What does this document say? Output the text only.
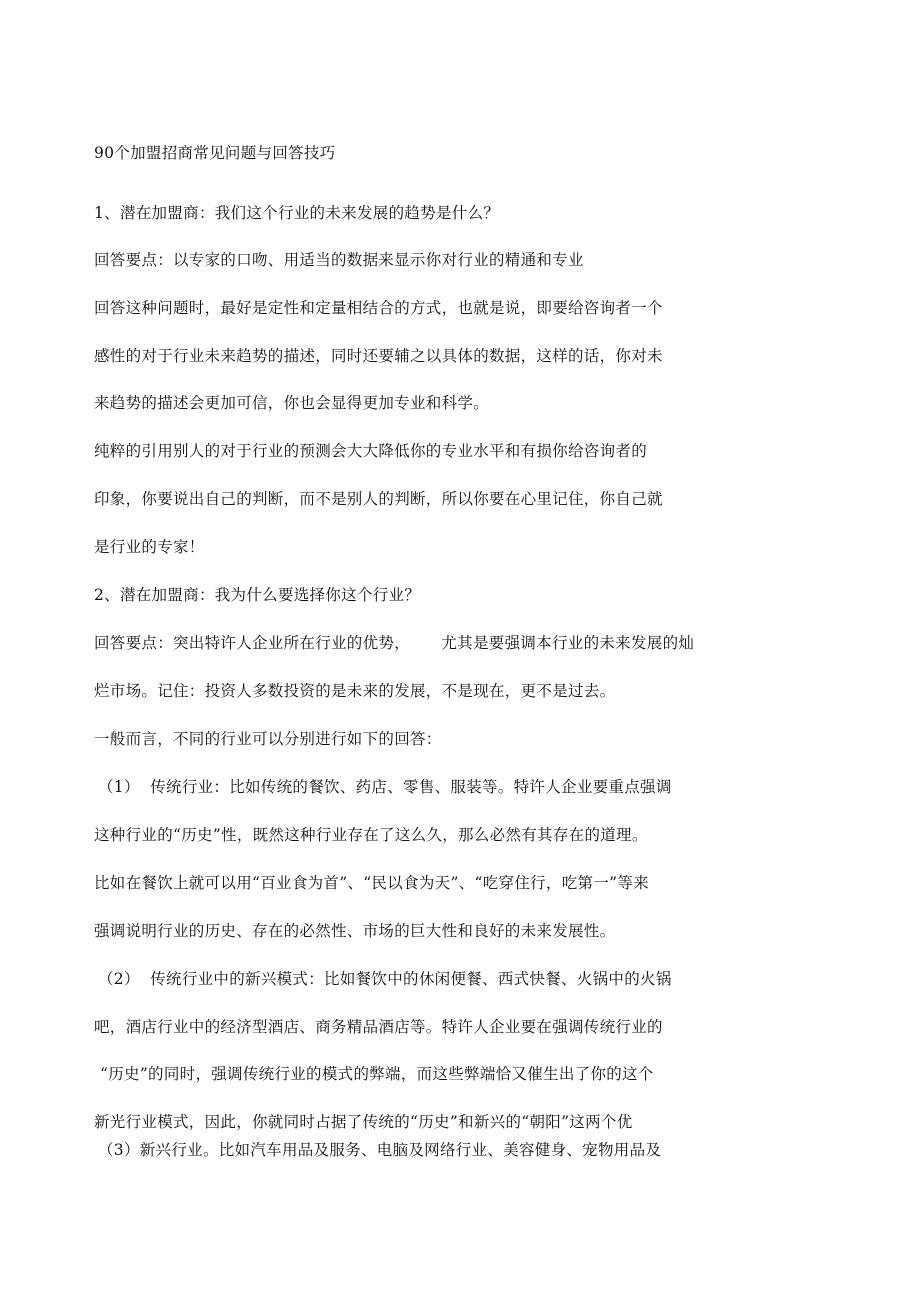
90个加盟招商常见问题与回答技巧
1、潜在加盟商：我们这个行业的未来发展的趋势是什么？
回答要点：以专家的口吻、用适当的数据来显示你对行业的精通和专业
回答这种问题时，最好是定性和定量相结合的方式，也就是说，即要给咨询者一个
感性的对于行业未来趋势的描述，同时还要辅之以具体的数据，这样的话，你对未
来趋势的描述会更加可信，你也会显得更加专业和科学。
纯粹的引用别人的对于行业的预测会大大降低你的专业水平和有损你给咨询者的
印象，你要说出自己的判断，而不是别人的判断，所以你要在心里记住，你自己就
是行业的专家！
2、潜在加盟商：我为什么要选择你这个行业？
回答要点：突出特许人企业所在行业的优势，      尤其是要强调本行业的未来发展的灿
烂市场。记住：投资人多数投资的是未来的发展，不是现在，更不是过去。
一般而言，不同的行业可以分别进行如下的回答：
（1）  传统行业：比如传统的餐饮、药店、零售、服装等。特许人企业要重点强调
这种行业的“历史”性，既然这种行业存在了这么久，那么必然有其存在的道理。
比如在餐饮上就可以用“百业食为首”、“民以食为天”、“吃穿住行，吃第一”等来
强调说明行业的历史、存在的必然性、市场的巨大性和良好的未来发展性。
（2）  传统行业中的新兴模式：比如餐饮中的休闲便餐、西式快餐、火锅中的火锅
吧，酒店行业中的经济型酒店、商务精品酒店等。特许人企业要在强调传统行业的
“历史”的同时，强调传统行业的模式的弊端，而这些弊端恰又催生出了你的这个
新光行业模式，因此，你就同时占据了传统的“历史”和新兴的“朝阳”这两个优
（3）新兴行业。比如汽车用品及服务、电脑及网络行业、美容健身、宠物用品及
